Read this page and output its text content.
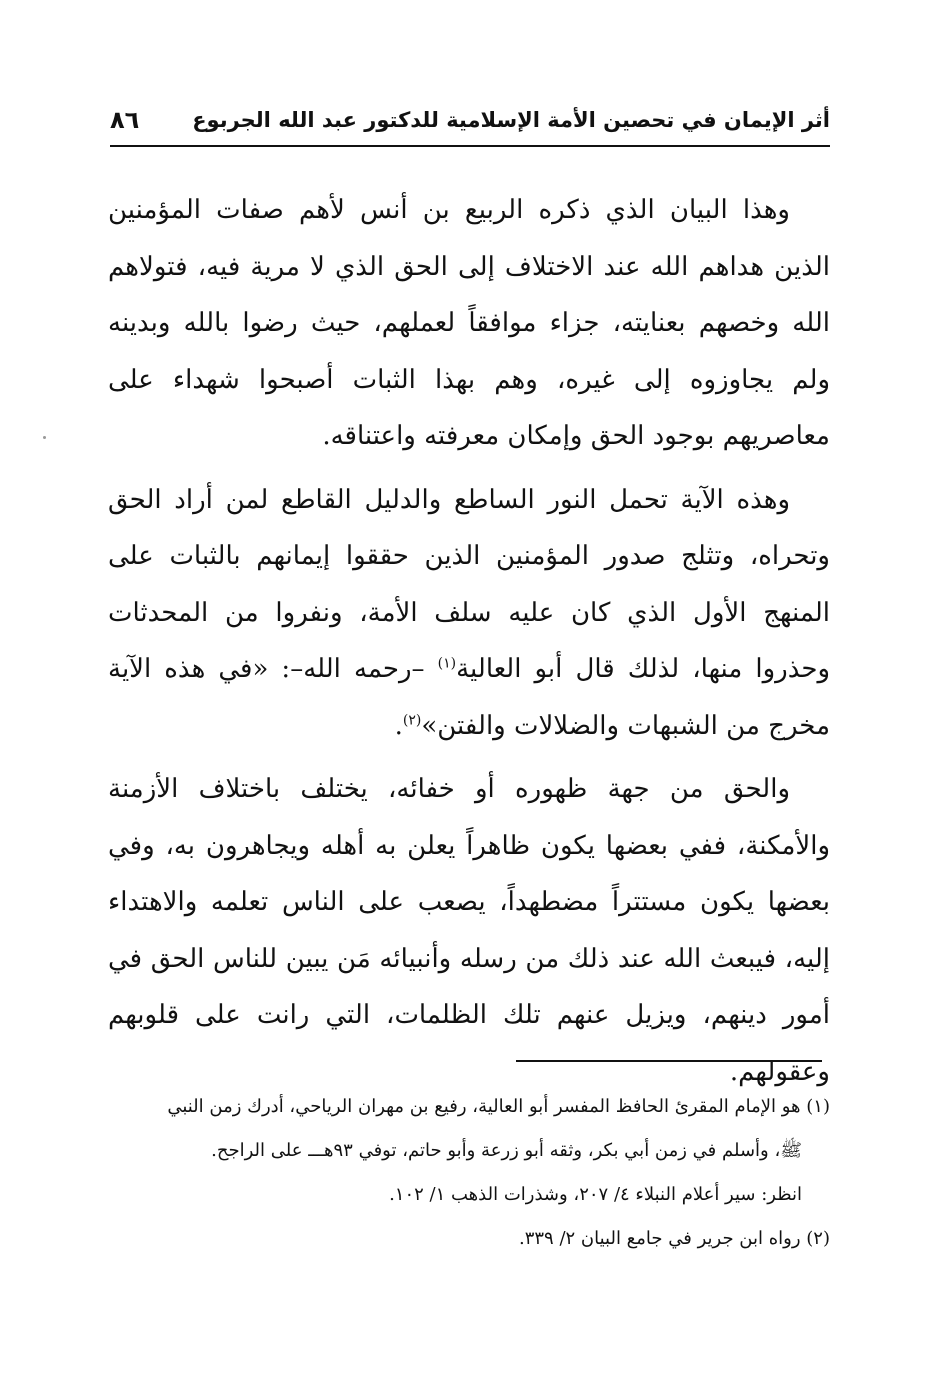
أثر الإيمان في تحصين الأمة الإسلامية للدكتور عبد الله الجربوع
٨٦

وهذا البيان الذي ذكره الربيع بن أنس لأهم صفات المؤمنين الذين هداهم الله عند الاختلاف إلى الحق الذي لا مرية فيه، فتولاهم الله وخصهم بعنايته، جزاء موافقاً لعملهم، حيث رضوا بالله وبدينه ولم يجاوزوه إلى غيره، وهم بهذا الثبات أصبحوا شهداء على معاصريهم بوجود الحق وإمكان معرفته واعتناقه.

وهذه الآية تحمل النور الساطع والدليل القاطع لمن أراد الحق وتحراه، وتثلج صدور المؤمنين الذين حققوا إيمانهم بالثبات على المنهج الأول الذي كان عليه سلف الأمة، ونفروا من المحدثات وحذروا منها، لذلك قال أبو العالية$^{(١)}$ –رحمه الله–: «في هذه الآية مخرج من الشبهات والضلالات والفتن»$^{(٢)}$.

والحق من جهة ظهوره أو خفائه، يختلف باختلاف الأزمنة والأمكنة، ففي بعضها يكون ظاهراً يعلن به أهله ويجاهرون به، وفي بعضها يكون مستتراً مضطهداً، يصعب على الناس تعلمه والاهتداء إليه، فيبعث الله عند ذلك من رسله وأنبيائه مَن يبين للناس الحق في أمور دينهم، ويزيل عنهم تلك الظلمات، التي رانت على قلوبهم وعقولهم.

(١) هو الإمام المقرئ الحافظ المفسر أبو العالية، رفيع بن مهران الرياحي، أدرك زمن النبي

ﷺ، وأسلم في زمن أبي بكر، وثقه أبو زرعة وأبو حاتم، توفي ٩٣هـــ على الراجح.

انظر: سير أعلام النبلاء ٤/ ٢٠٧، وشذرات الذهب ١/ ١٠٢.

(٢) رواه ابن جرير في جامع البيان ٢/ ٣٣٩.
